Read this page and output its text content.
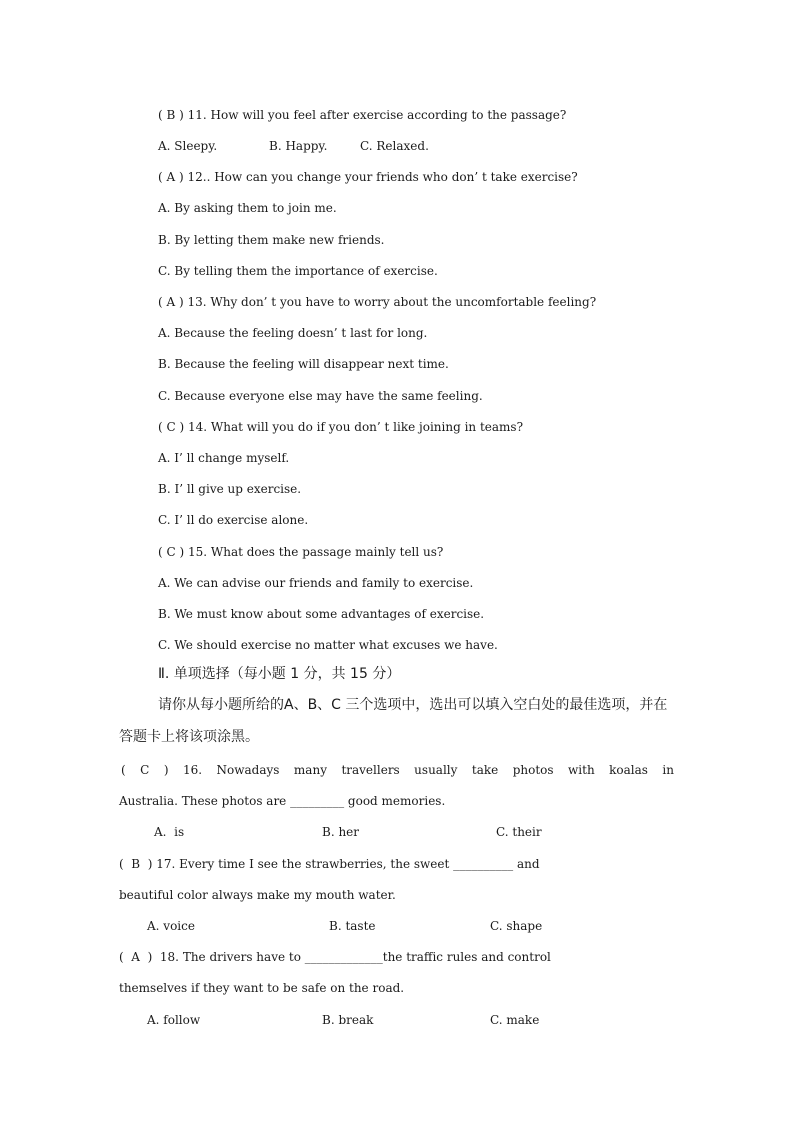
( B ) 11. How will you feel after exercise according to the passage?
A. Sleepy.	B. Happy.	C. Relaxed.
( A ) 12.. How can you change your friends who don’ t take exercise?
A. By asking them to join me.
B. By letting them make new friends.
C. By telling them the importance of exercise.
( A ) 13. Why don’ t you have to worry about the uncomfortable feeling?
A. Because the feeling doesn’ t last for long.
B. Because the feeling will disappear next time.
C. Because everyone else may have the same feeling.
( C ) 14. What will you do if you don’ t like joining in teams?
A. I’ ll change myself.
B. I’ ll give up exercise.
C. I’ ll do exercise alone.
( C ) 15. What does the passage mainly tell us?
A. We can advise our friends and family to exercise.
B. We must know about some advantages of exercise.
C. We should exercise no matter what excuses we have.
Ⅱ. 单项选择（每小题 1 分，共 15 分）
请你从每小题所给的A、B、C 三个选项中，选出可以填入空白处的最佳选项，并在
答题卡上将该项涂黑。
( C ) 16. Nowadays many travellers usually take photos with koalas in
Australia. These photos are _________ good memories.
A.  is	B. her	C. their
(  B  ) 17. Every time I see the strawberries, the sweet __________ and
beautiful color always make my mouth water.
A. voice	B. taste	C. shape
(  A  )  18. The drivers have to _____________the traffic rules and control
themselves if they want to be safe on the road.
A. follow	B. break	C. make
